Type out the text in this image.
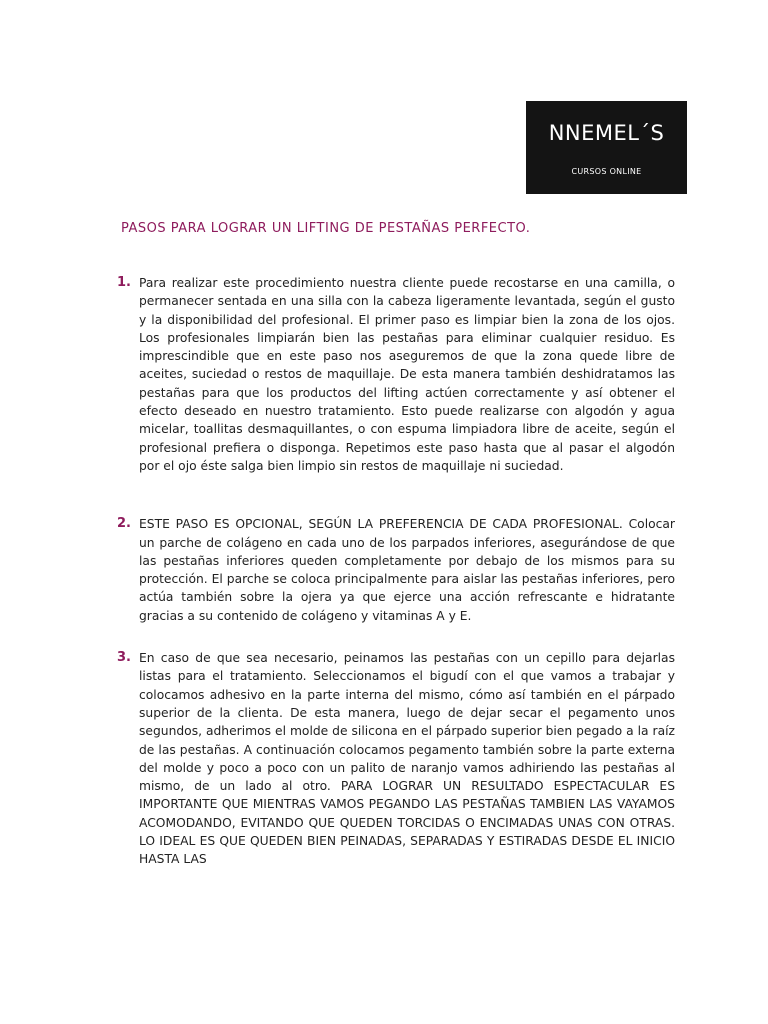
NNEMEL´S
CURSOS ONLINE
PASOS PARA LOGRAR UN LIFTING DE PESTAÑAS PERFECTO.
1. Para realizar este procedimiento nuestra cliente puede recostarse en una camilla, o permanecer sentada en una silla con la cabeza ligeramente levantada, según el gusto y la disponibilidad del profesional. El primer paso es limpiar bien la zona de los ojos. Los profesionales limpiarán bien las pestañas para eliminar cualquier residuo. Es imprescindible que en este paso nos aseguremos de que la zona quede libre de aceites, suciedad o restos de maquillaje. De esta manera también deshidratamos las pestañas para que los productos del lifting actúen correctamente y así obtener el efecto deseado en nuestro tratamiento. Esto puede realizarse con algodón y agua micelar, toallitas desmaquillantes, o con espuma limpiadora libre de aceite, según el profesional prefiera o disponga. Repetimos este paso hasta que al pasar el algodón por el ojo éste salga bien limpio sin restos de maquillaje ni suciedad.

2. ESTE PASO ES OPCIONAL, SEGÚN LA PREFERENCIA DE CADA PROFESIONAL. Colocar un parche de colágeno en cada uno de los parpados inferiores, asegurándose de que las pestañas inferiores queden completamente por debajo de los mismos para su protección. El parche se coloca principalmente para aislar las pestañas inferiores, pero actúa también sobre la ojera ya que ejerce una acción refrescante e hidratante gracias a su contenido de colágeno y vitaminas A y E.

3. En caso de que sea necesario, peinamos las pestañas con un cepillo para dejarlas listas para el tratamiento. Seleccionamos el bigudí con el que vamos a trabajar y colocamos adhesivo en la parte interna del mismo, cómo así también en el párpado superior de la clienta. De esta manera, luego de dejar secar el pegamento unos segundos, adherimos el molde de silicona en el párpado superior bien pegado a la raíz de las pestañas. A continuación colocamos pegamento también sobre la parte externa del molde y poco a poco con un palito de naranjo vamos adhiriendo las pestañas al mismo, de un lado al otro. PARA LOGRAR UN RESULTADO ESPECTACULAR ES IMPORTANTE QUE MIENTRAS VAMOS PEGANDO LAS PESTAÑAS TAMBIEN LAS VAYAMOS ACOMODANDO, EVITANDO QUE QUEDEN TORCIDAS O ENCIMADAS UNAS CON OTRAS. LO IDEAL ES QUE QUEDEN BIEN PEINADAS, SEPARADAS Y ESTIRADAS DESDE EL INICIO HASTA LAS
